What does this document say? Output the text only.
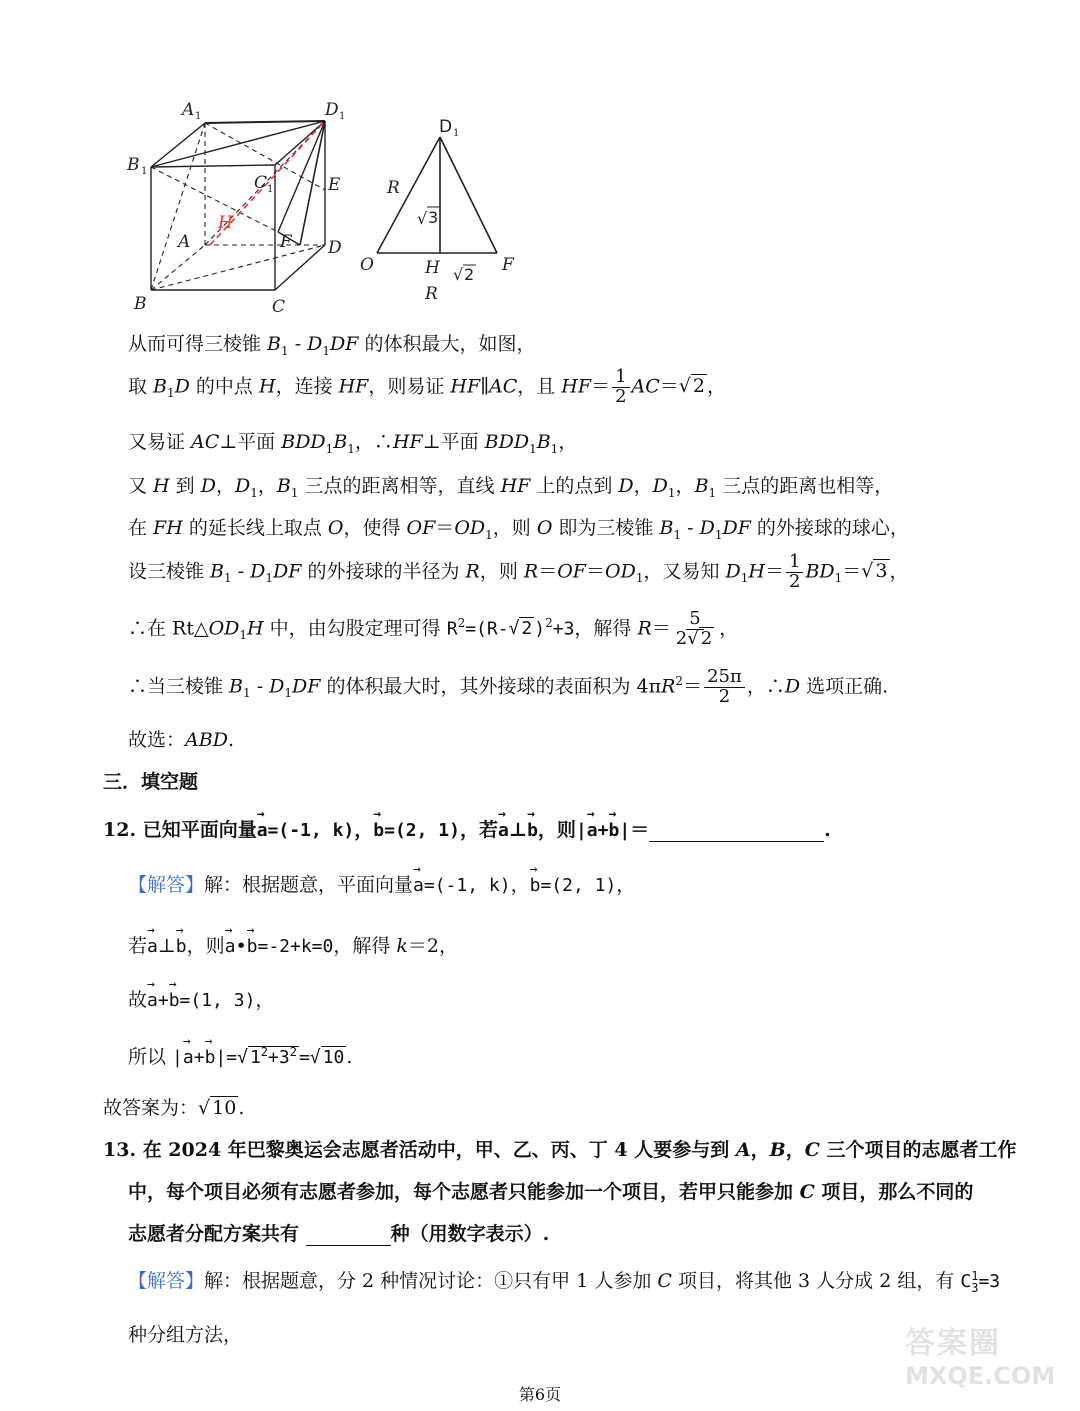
A 1	D 1
B 1
C 1	E
H
A	F D
B	C
D 1
R
√ 3
O	H √ 2 F
R
从而可得三棱锥 $B_1 - D_1DF$ 的体积最大，如图，
取 $B_1D$ 的中点 H，连接 HF，则易证 HF∥AC，且 $HF= \frac{1}{2} AC=√$ 2 ，
又易证 AC⊥平面 $BDD_1B_1$，∴HF⊥平面 $BDD_1B_1$，
又 H 到 D，$D_1$，$B_1$ 三点的距离相等，直线 HF 上的点到 D，$D_1$，$B_1$ 三点的距离也相等，
在 FH 的延长线上取点 O，使得 $OF=OD_1$，则 O 即为三棱锥 $B_1 - D_1DF$ 的外接球的球心，
设三棱锥 $B_1 - D_1DF$ 的外接球的半径为 R，则 $R=OF=OD_1$，又易知 $D_1H= \frac{1}{2} BD_1=√$ 3 ，
∴在 $Rt\triangle OD_1H$ 中，由勾股定理可得 $R^2=(R-√$ 2 )$^2$+3，解得 $R= \frac{5}{2√ 2}$ ，
∴当三棱锥 $B_1 - D_1DF$ 的体积最大时，其外接球的表面积为 $4\pi R^2= \frac{25\pi}{2}$ ，∴D 选项正确.
故选：ABD.
三．填空题
12. 已知平面向量→ a=(-1, k)，→ b=(2, 1)，若→ a⊥→ b，则|→ a+→ b|＝	.
【解答】解：根据题意，平面向量→ a=(-1, k)，→ b=(2, 1)，
若→ a⊥→ b，则→ a•→ b=-2+k=0，解得 k＝2，
故→ a+→ b=(1, 3)，
所以 |→ a+→ b|=√ $1^2+3^2$ =√ 10 .
故答案为：√ 10 .
13. 在 2024 年巴黎奥运会志愿者活动中，甲、乙、丙、丁 4 人要参与到 A，B，C 三个项目的志愿者工作
中，每个项目必须有志愿者参加，每个志愿者只能参加一个项目，若甲只能参加 C 项目，那么不同的
志愿者分配方案共有	种（用数字表示）.
【解答】解：根据题意，分 2 种情况讨论：①只有甲 1 人参加 C 项目，将其他 3 人分成 2 组，有 C 1
3 =3
种分组方法，
第6页
答案圈
MXQE.COM
